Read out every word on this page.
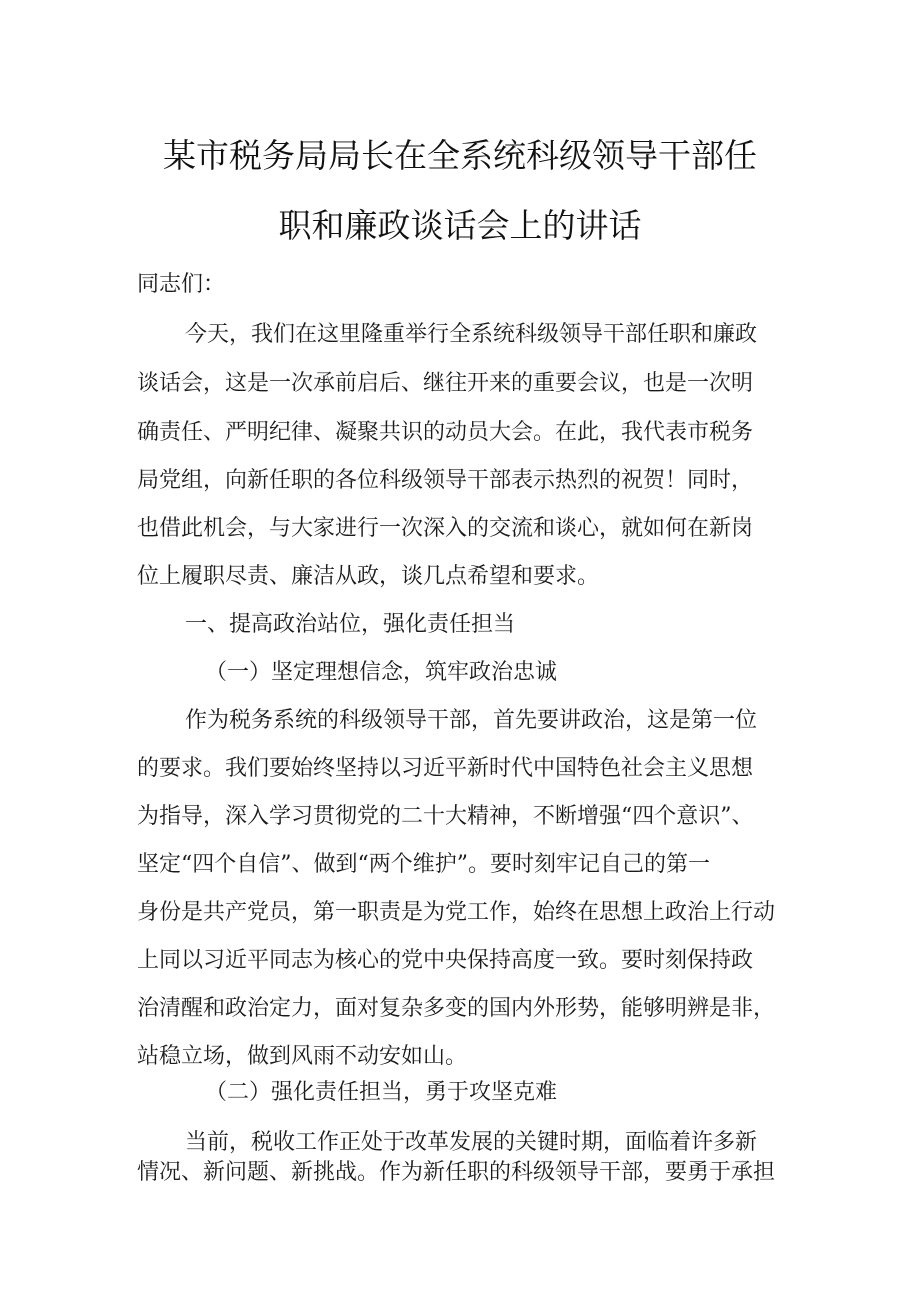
某市税务局局长在全系统科级领导干部任
职和廉政谈话会上的讲话

同志们：

今天，我们在这里隆重举行全系统科级领导干部任职和廉政

谈话会，这是一次承前启后、继往开来的重要会议，也是一次明

确责任、严明纪律、凝聚共识的动员大会。在此，我代表市税务

局党组，向新任职的各位科级领导干部表示热烈的祝贺！同时，

也借此机会，与大家进行一次深入的交流和谈心，就如何在新岗

位上履职尽责、廉洁从政，谈几点希望和要求。

一、提高政治站位，强化责任担当

（一）坚定理想信念，筑牢政治忠诚

作为税务系统的科级领导干部，首先要讲政治，这是第一位

的要求。我们要始终坚持以习近平新时代中国特色社会主义思想

为指导，深入学习贯彻党的二十大精神，不断增强“四个意识”、

坚定“四个自信”、做到“两个维护”。要时刻牢记自己的第一

身份是共产党员，第一职责是为党工作，始终在思想上政治上行动

上同以习近平同志为核心的党中央保持高度一致。要时刻保持政

治清醒和政治定力，面对复杂多变的国内外形势，能够明辨是非，

站稳立场，做到风雨不动安如山。

（二）强化责任担当，勇于攻坚克难

当前，税收工作正处于改革发展的关键时期，面临着许多新

情况、新问题、新挑战。作为新任职的科级领导干部，要勇于承担
